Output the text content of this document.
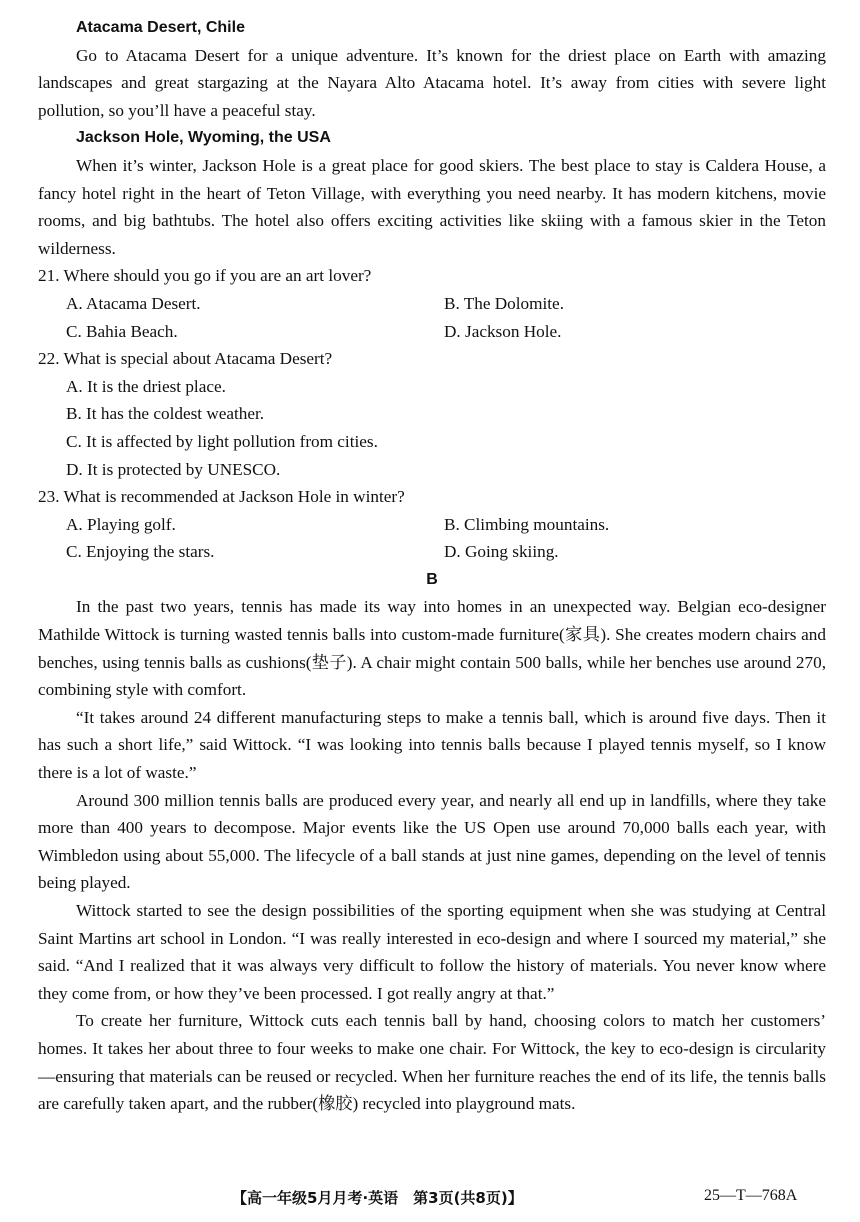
Atacama Desert, Chile

Go to Atacama Desert for a unique adventure. It’s known for the driest place on Earth with amazing landscapes and great stargazing at the Nayara Alto Atacama hotel. It’s away from cities with severe light pollution, so you’ll have a peaceful stay.

Jackson Hole, Wyoming, the USA

When it’s winter, Jackson Hole is a great place for good skiers. The best place to stay is Caldera House, a fancy hotel right in the heart of Teton Village, with everything you need nearby. It has modern kitchens, movie rooms, and big bathtubs. The hotel also offers exciting activities like skiing with a famous skier in the Teton wilderness.

21. Where should you go if you are an art lover?

A. Atacama Desert.	B. The Dolomite.
C. Bahia Beach.	D. Jackson Hole.

22. What is special about Atacama Desert?

A. It is the driest place.

B. It has the coldest weather.

C. It is affected by light pollution from cities.

D. It is protected by UNESCO.

23. What is recommended at Jackson Hole in winter?

A. Playing golf.	B. Climbing mountains.
C. Enjoying the stars.	D. Going skiing.
B

In the past two years, tennis has made its way into homes in an unexpected way. Belgian eco-designer Mathilde Wittock is turning wasted tennis balls into custom-made furniture(家具). She creates modern chairs and benches, using tennis balls as cushions(垫子). A chair might contain 500 balls, while her benches use around 270, combining style with comfort.

“It takes around 24 different manufacturing steps to make a tennis ball, which is around five days. Then it has such a short life,” said Wittock. “I was looking into tennis balls because I played tennis myself, so I know there is a lot of waste.”

Around 300 million tennis balls are produced every year, and nearly all end up in landfills, where they take more than 400 years to decompose. Major events like the US Open use around 70,000 balls each year, with Wimbledon using about 55,000. The lifecycle of a ball stands at just nine games, depending on the level of tennis being played.

Wittock started to see the design possibilities of the sporting equipment when she was studying at Central Saint Martins art school in London. “I was really interested in eco-design and where I sourced my material,” she said. “And I realized that it was always very difficult to follow the history of materials. You never know where they come from, or how they’ve been processed. I got really angry at that.”

To create her furniture, Wittock cuts each tennis ball by hand, choosing colors to match her customers’ homes. It takes her about three to four weeks to make one chair. For Wittock, the key to eco-design is circularity—ensuring that materials can be reused or recycled. When her furniture reaches the end of its life, the tennis balls are carefully taken apart, and the rubber(橡胶) recycled into playground mats.

【高一年级5月月考·英语　第3页(共8页)】	25—T—768A
